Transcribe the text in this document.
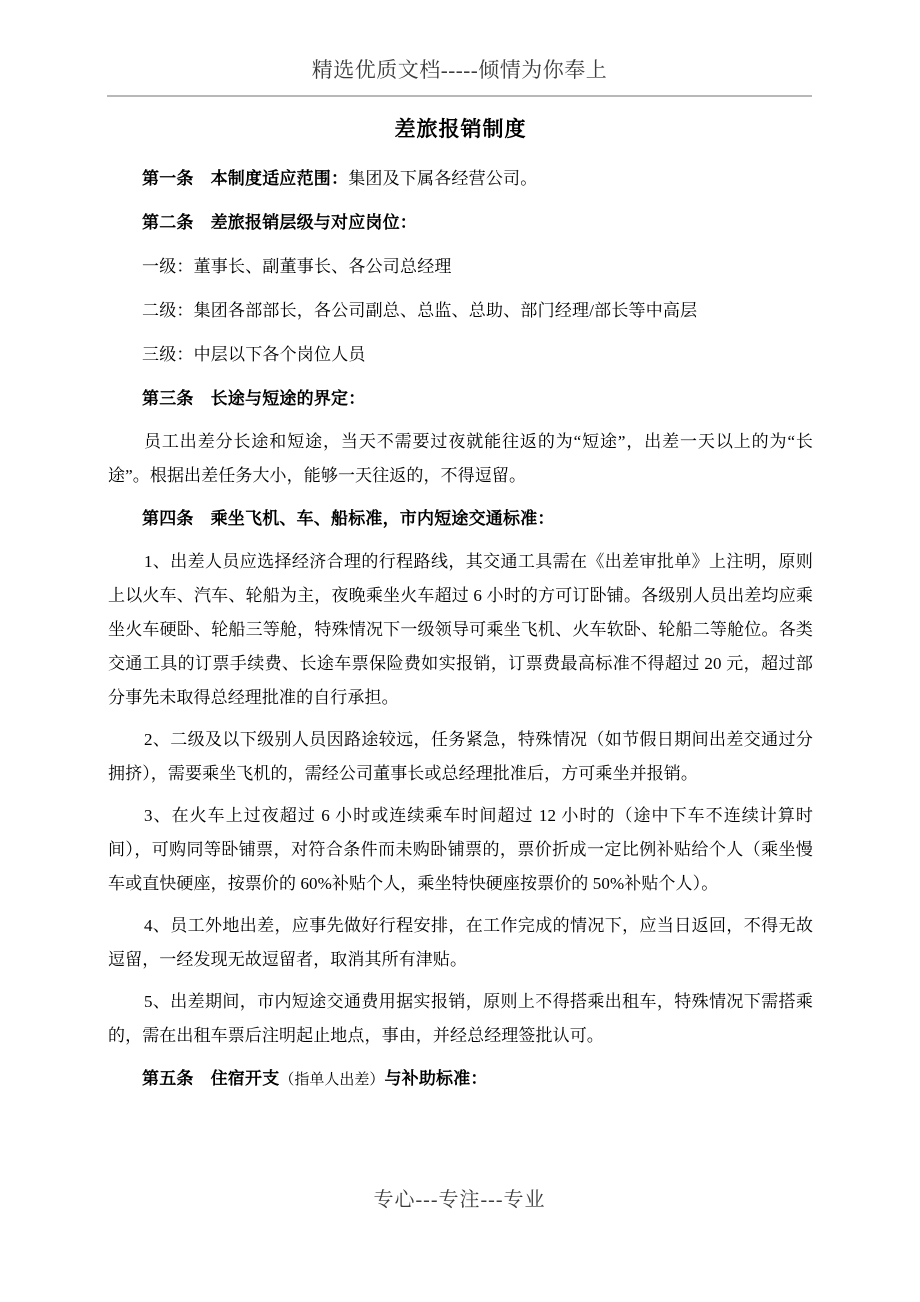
精选优质文档-----倾情为你奉上
差旅报销制度

第一条 本制度适应范围：集团及下属各经营公司。

第二条 差旅报销层级与对应岗位：

一级：董事长、副董事长、各公司总经理

二级：集团各部部长，各公司副总、总监、总助、部门经理/部长等中高层

三级：中层以下各个岗位人员

第三条 长途与短途的界定：

员工出差分长途和短途，当天不需要过夜就能往返的为“短途”，出差一天以上的为“长途”。根据出差任务大小，能够一天往返的，不得逗留。

第四条 乘坐飞机、车、船标准，市内短途交通标准：

1、出差人员应选择经济合理的行程路线，其交通工具需在《出差审批单》上注明，原则上以火车、汽车、轮船为主，夜晚乘坐火车超过 6 小时的方可订卧铺。各级别人员出差均应乘坐火车硬卧、轮船三等舱，特殊情况下一级领导可乘坐飞机、火车软卧、轮船二等舱位。各类交通工具的订票手续费、长途车票保险费如实报销，订票费最高标准不得超过 20 元，超过部分事先未取得总经理批准的自行承担。

2、二级及以下级别人员因路途较远，任务紧急，特殊情况（如节假日期间出差交通过分拥挤），需要乘坐飞机的，需经公司董事长或总经理批准后，方可乘坐并报销。

3、在火车上过夜超过 6 小时或连续乘车时间超过 12 小时的（途中下车不连续计算时间），可购同等卧铺票，对符合条件而未购卧铺票的，票价折成一定比例补贴给个人（乘坐慢车或直快硬座，按票价的 60%补贴个人，乘坐特快硬座按票价的 50%补贴个人）。

4、员工外地出差，应事先做好行程安排，在工作完成的情况下，应当日返回，不得无故逗留，一经发现无故逗留者，取消其所有津贴。

5、出差期间，市内短途交通费用据实报销，原则上不得搭乘出租车，特殊情况下需搭乘的，需在出租车票后注明起止地点，事由，并经总经理签批认可。

第五条 住宿开支（指单人出差）与补助标准：

专心---专注---专业
